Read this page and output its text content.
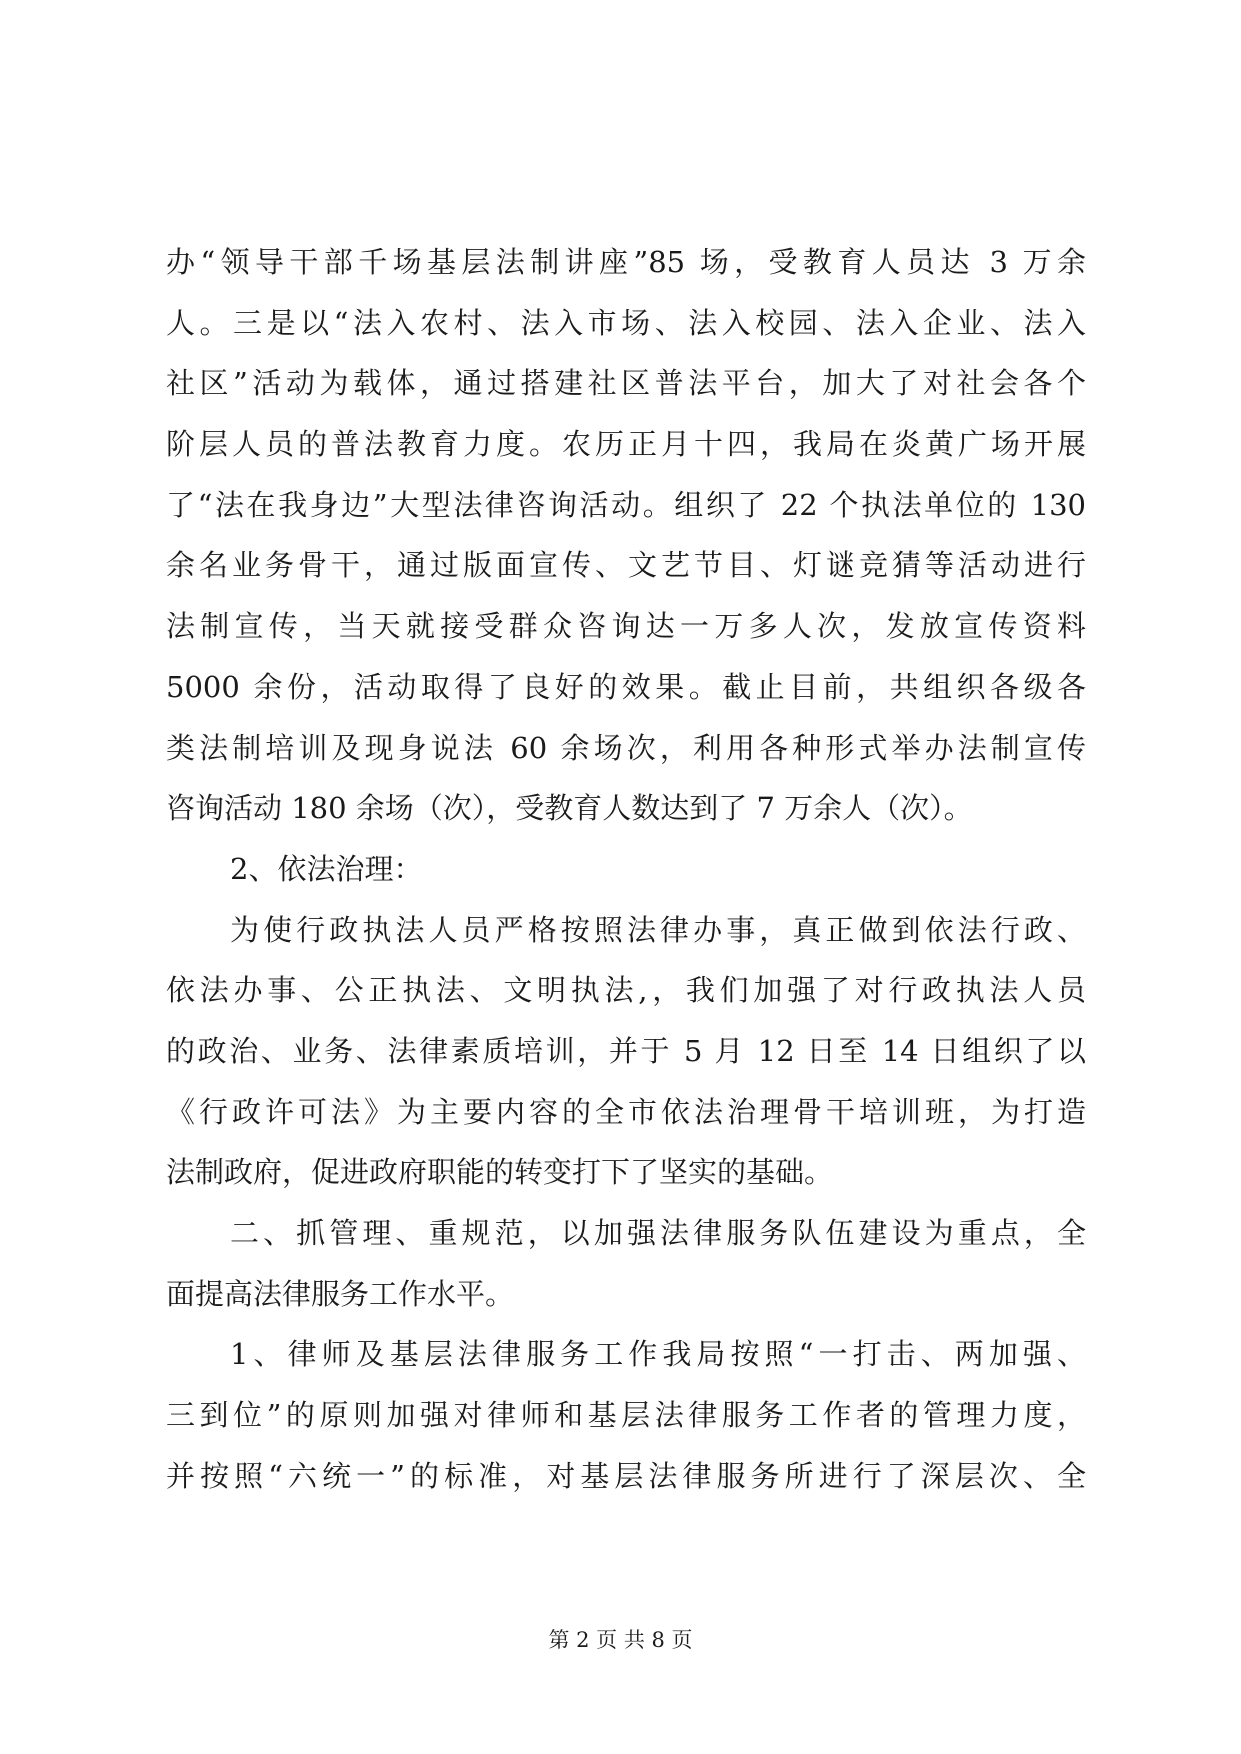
办“领导干部千场基层法制讲座”85 场，受教育人员达 3 万余
人。三是以“法入农村、法入市场、法入校园、法入企业、法入
社区”活动为载体，通过搭建社区普法平台，加大了对社会各个
阶层人员的普法教育力度。农历正月十四，我局在炎黄广场开展
了“法在我身边”大型法律咨询活动。组织了 22 个执法单位的 130
余名业务骨干，通过版面宣传、文艺节目、灯谜竞猜等活动进行
法制宣传，当天就接受群众咨询达一万多人次，发放宣传资料
5000 余份，活动取得了良好的效果。截止目前，共组织各级各
类法制培训及现身说法 60 余场次，利用各种形式举办法制宣传
咨询活动 180 余场（次），受教育人数达到了 7 万余人（次）。
2、依法治理：
为使行政执法人员严格按照法律办事，真正做到依法行政、
依法办事、公正执法、文明执法,，我们加强了对行政执法人员
的政治、业务、法律素质培训，并于 5 月 12 日至 14 日组织了以
《行政许可法》为主要内容的全市依法治理骨干培训班，为打造
法制政府，促进政府职能的转变打下了坚实的基础。
二、抓管理、重规范，以加强法律服务队伍建设为重点，全
面提高法律服务工作水平。
1、律师及基层法律服务工作我局按照“一打击、两加强、
三到位”的原则加强对律师和基层法律服务工作者的管理力度，
并按照“六统一”的标准，对基层法律服务所进行了深层次、全
第 2 页 共 8 页
